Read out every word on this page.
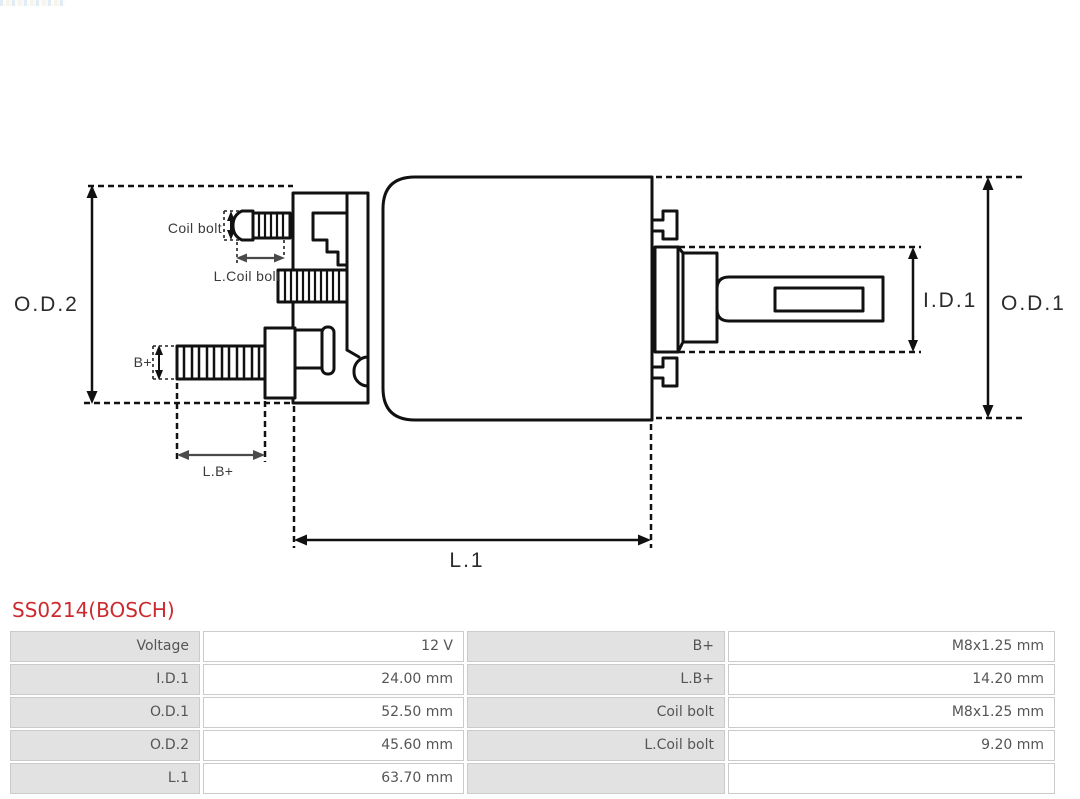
O.D.2	O.D.1
I.D.1
L.1
Coil bolt
L.Coil bolt
B+
L.B+
SS0214(BOSCH)
Voltage	12 V	B+	M8x1.25 mm
I.D.1	24.00 mm	L.B+	14.20 mm
O.D.1	52.50 mm	Coil bolt	M8x1.25 mm
O.D.2	45.60 mm	L.Coil bolt	9.20 mm
L.1	63.70 mm
